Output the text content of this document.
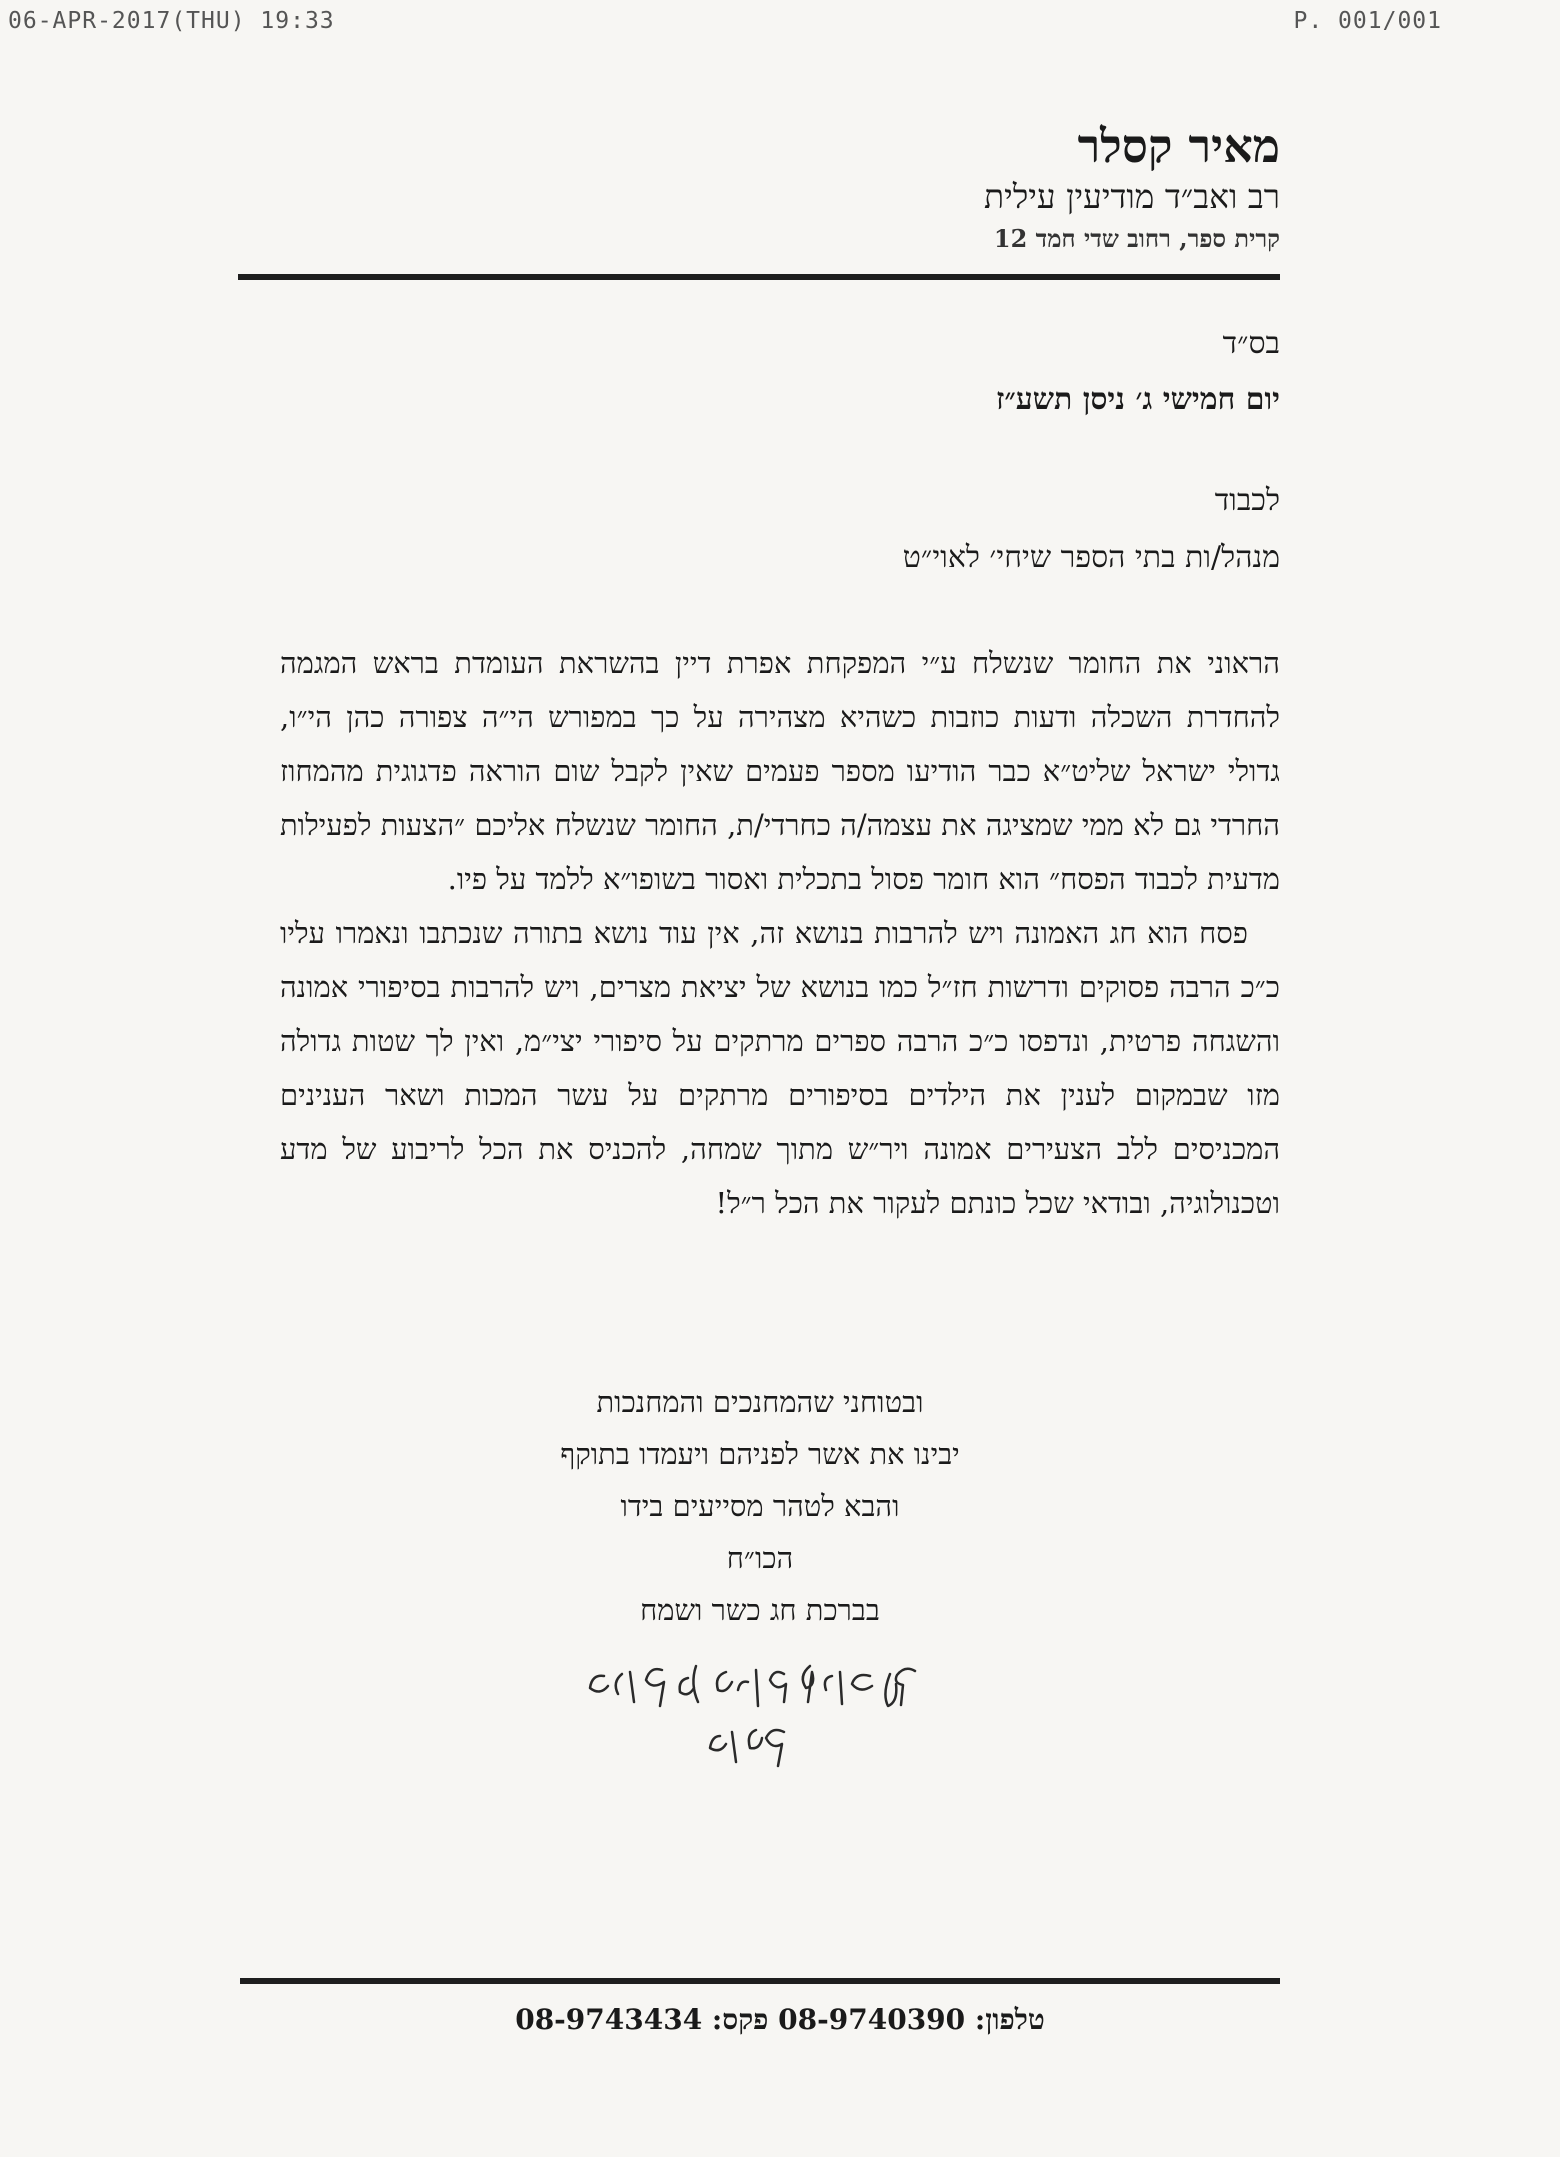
06-APR-2017(THU) 19:33	P. 001/001
מאיר קסלר
רב ואב״ד מודיעין עילית
קרית ספר, רחוב שדי חמד 12
בס״ד
יום חמישי ג׳ ניסן תשע״ז
לכבוד
מנהל/ות בתי הספר שיחי׳ לאוי״ט

הראוני את החומר שנשלח ע״י המפקחת אפרת דיין בהשראת העומדת בראש המגמה להחדרת השכלה ודעות כוזבות כשהיא מצהירה על כך במפורש הי״ה צפורה כהן הי״ו, גדולי ישראל שליט״א כבר הודיעו מספר פעמים שאין לקבל שום הוראה פדגוגית מהמחוז החרדי גם לא ממי שמציגה את עצמה/ה כחרדי/ת, החומר שנשלח אליכם ״הצעות לפעילות מדעית לכבוד הפסח״ הוא חומר פסול בתכלית ואסור בשופו״א ללמד על פיו.

פסח הוא חג האמונה ויש להרבות בנושא זה, אין עוד נושא בתורה שנכתבו ונאמרו עליו כ״כ הרבה פסוקים ודרשות חז״ל כמו בנושא של יציאת מצרים, ויש להרבות בסיפורי אמונה והשגחה פרטית, ונדפסו כ״כ הרבה ספרים מרתקים על סיפורי יצי״מ, ואין לך שטות גדולה מזו שבמקום לענין את הילדים בסיפורים מרתקים על עשר המכות ושאר הענינים המכניסים ללב הצעירים אמונה ויר״ש מתוך שמחה, להכניס את הכל לריבוע של מדע וטכנולוגיה, ובודאי שכל כונתם לעקור את הכל ר״ל!

ובטוחני שהמחנכים והמחנכות
יבינו את אשר לפניהם ויעמדו בתוקף
והבא לטהר מסייעים בידו
הכו״ח
בברכת חג כשר ושמח
טלפון: 08-9740390 פקס: 08-9743434
